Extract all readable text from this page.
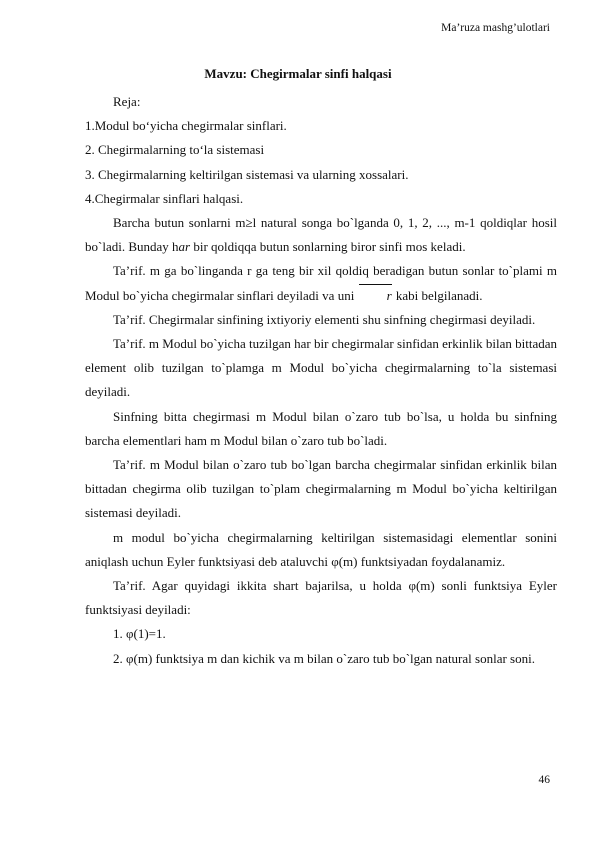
Ma’ruza mashg’ulotlari
Mavzu: Chegirmalar sinfi halqasi

Reja:

1.Modul bo‘yicha chegirmalar sinflari.

2. Chegirmalarning to‘la sistemasi

3. Chegirmalarning keltirilgan sistemasi va ularning xossalari.

4.Chegirmalar sinflari halqasi.

Barcha butun sonlarni m≥l natural songa bo`lganda 0, 1, 2, ..., m-1 qoldiqlar hosil bo`ladi. Bunday har bir qoldiqqa butun sonlarning biror sinfi mos keladi.

Ta’rif. m ga bo`linganda r ga teng bir xil qoldiq beradigan butun sonlar to`plami m Modul bo`yicha chegirmalar sinflari deyiladi va uni r kabi belgilanadi.

Ta’rif. Chegirmalar sinfining ixtiyoriy elementi shu sinfning chegirmasi deyiladi.

Ta’rif. m Modul bo`yicha tuzilgan har bir chegirmalar sinfidan erkinlik bilan bittadan element olib tuzilgan to`plamga m Modul bo`yicha chegirmalarning to`la sistemasi deyiladi.

Sinfning bitta chegirmasi m Modul bilan o`zaro tub bo`lsa, u holda bu sinfning barcha elementlari ham m Modul bilan o`zaro tub bo`ladi.

Ta’rif. m Modul bilan o`zaro tub bo`lgan barcha chegirmalar sinfidan erkinlik bilan bittadan chegirma olib tuzilgan to`plam chegirmalarning m Modul bo`yicha keltirilgan sistemasi deyiladi.

m modul bo`yicha chegirmalarning keltirilgan sistemasidagi elementlar sonini aniqlash uchun Eyler funktsiyasi deb ataluvchi φ(m) funktsiyadan foydalanamiz.

Ta’rif. Agar quyidagi ikkita shart bajarilsa, u holda φ(m) sonli funktsiya Eyler funktsiyasi deyiladi:

1. φ(1)=1.

2. φ(m) funktsiya m dan kichik va m bilan o`zaro tub bo`lgan natural sonlar soni.

46
